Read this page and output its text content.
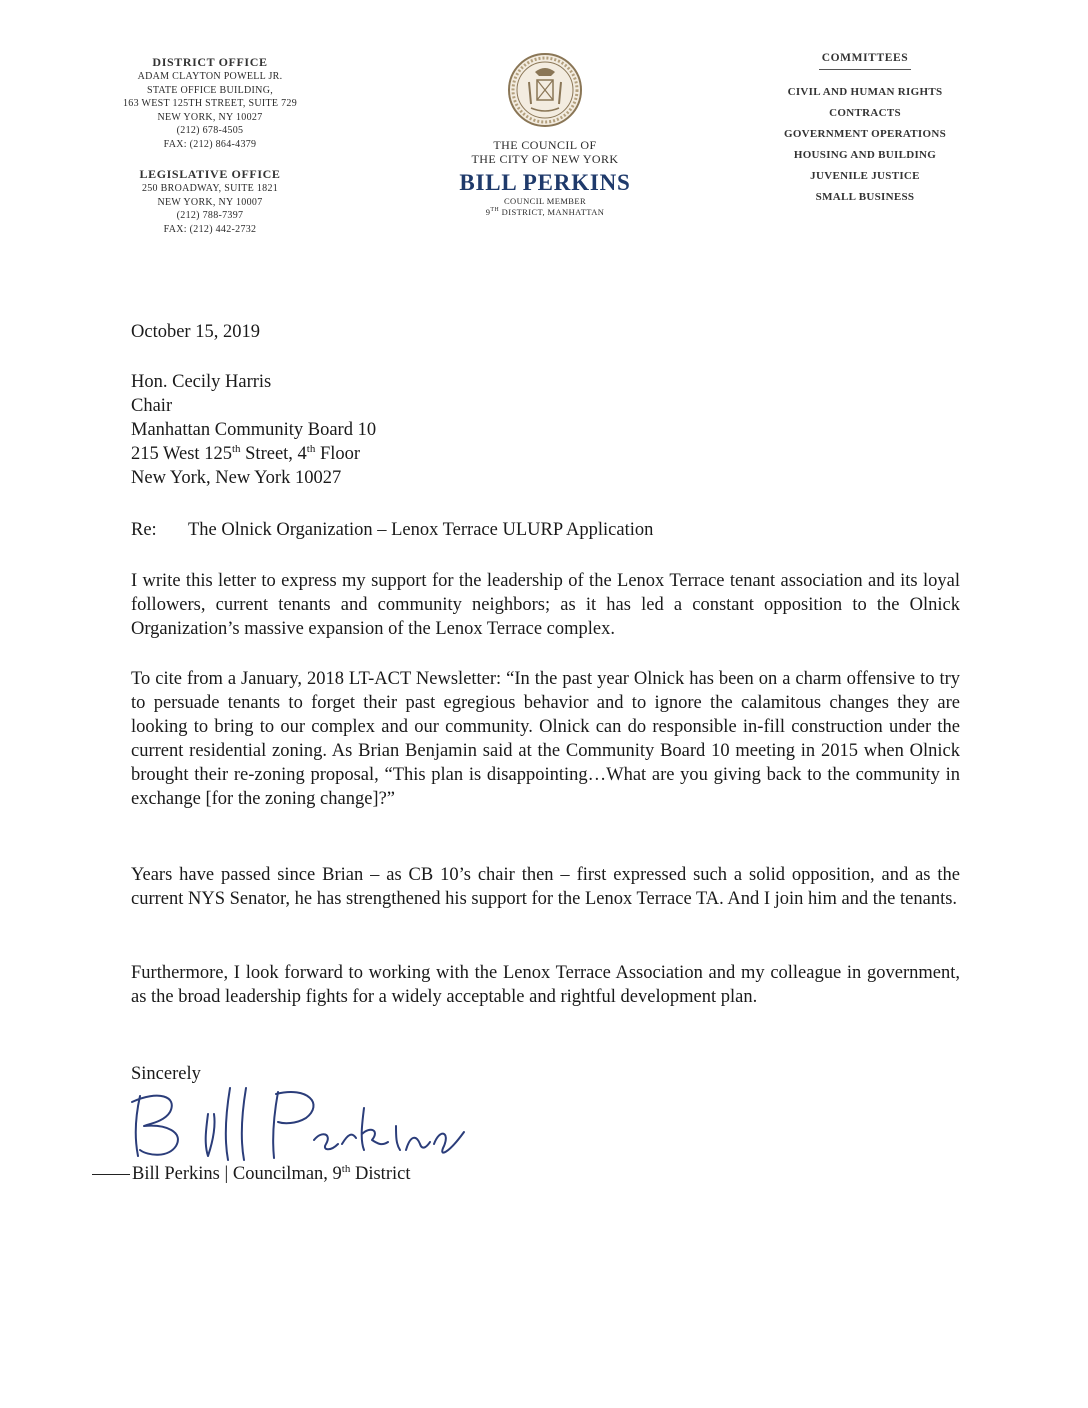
DISTRICT OFFICE
ADAM CLAYTON POWELL JR.
STATE OFFICE BUILDING,
163 WEST 125TH STREET, SUITE 729
NEW YORK, NY 10027
(212) 678-4505
FAX: (212) 864-4379
LEGISLATIVE OFFICE
250 BROADWAY, SUITE 1821
NEW YORK, NY 10007
(212) 788-7397
FAX: (212) 442-2732
THE COUNCIL OF
THE CITY OF NEW YORK
BILL PERKINS
COUNCIL MEMBER
9TH DISTRICT, MANHATTAN
COMMITTEES
CIVIL AND HUMAN RIGHTS
CONTRACTS
GOVERNMENT OPERATIONS
HOUSING AND BUILDING
JUVENILE JUSTICE
SMALL BUSINESS
October 15, 2019
Hon. Cecily Harris
Chair
Manhattan Community Board 10
215 West 125th Street, 4th Floor
New York, New York 10027
Re: The Olnick Organization – Lenox Terrace ULURP Application
I write this letter to express my support for the leadership of the Lenox Terrace tenant association and its loyal followers, current tenants and community neighbors; as it has led a constant opposition to the Olnick Organization’s massive expansion of the Lenox Terrace complex.
To cite from a January, 2018 LT-ACT Newsletter: “In the past year Olnick has been on a charm offensive to try to persuade tenants to forget their past egregious behavior and to ignore the calamitous changes they are looking to bring to our complex and our community. Olnick can do responsible in-fill construction under the current residential zoning. As Brian Benjamin said at the Community Board 10 meeting in 2015 when Olnick brought their re-zoning proposal, “This plan is disappointing…What are you giving back to the community in exchange [for the zoning change]?”
Years have passed since Brian – as CB 10’s chair then – first expressed such a solid opposition, and as the current NYS Senator, he has strengthened his support for the Lenox Terrace TA. And I join him and the tenants.
Furthermore, I look forward to working with the Lenox Terrace Association and my colleague in government, as the broad leadership fights for a widely acceptable and rightful development plan.
Sincerely
Bill Perkins | Councilman, 9th District
